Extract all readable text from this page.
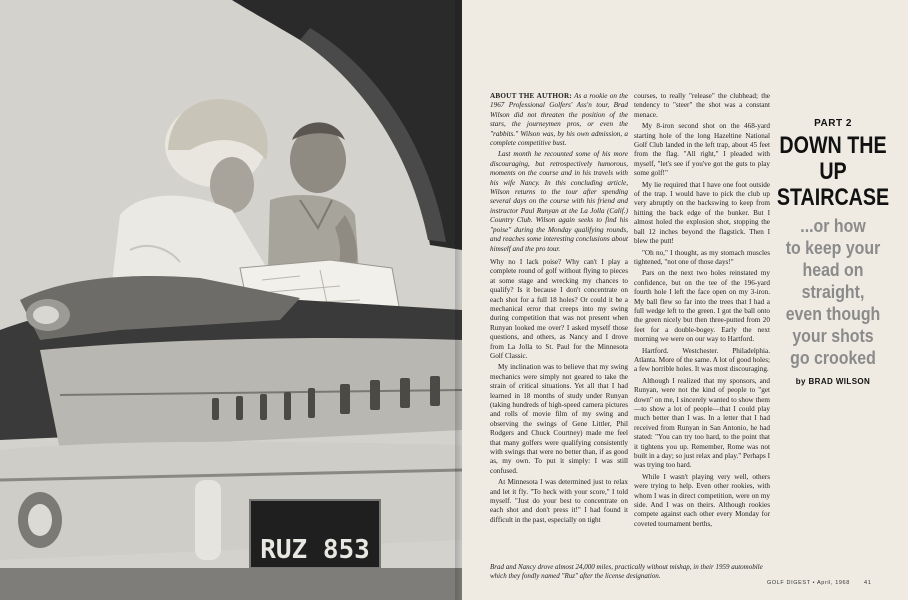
RUZ 853

ABOUT THE AUTHOR: As a rookie on the 1967 Professional Golfers' Ass'n tour, Brad Wilson did not threaten the position of the stars, the journeymen pros, or even the "rabbits." Wilson was, by his own admission, a complete competitive bust.

Last month he recounted some of his more discouraging, but retrospectively humorous, moments on the course and in his travels with his wife Nancy. In this concluding article, Wilson returns to the tour after spending several days on the course with his friend and instructor Paul Runyan at the La Jolla (Calif.) Country Club. Wilson again seeks to find his "poise" during the Monday qualifying rounds, and reaches some interesting conclusions about himself and the pro tour.

Why no I lack poise? Why can't I play a complete round of golf without flying to pieces at some stage and wrecking my chances to qualify? Is it because I don't concentrate on each shot for a full 18 holes? Or could it be a mechanical error that creeps into my swing during competition that was not present when Runyan looked me over? I asked myself those questions, and others, as Nancy and I drove from La Jolla to St. Paul for the Minnesota Golf Classic.

My inclination was to believe that my swing mechanics were simply not geared to take the strain of critical situations. Yet all that I had learned in 18 months of study under Runyan (taking hundreds of high-speed camera pictures and rolls of movie film of my swing and observing the swings of Gene Littler, Phil Rodgers and Chuck Courtney) made me feel that many golfers were qualifying consistently with swings that were no better than, if as good as, my own. To put it simply: I was still confused.

At Minnesota I was determined just to relax and let it fly. "To heck with your score," I told myself. "Just do your best to concentrate on each shot and don't press it!" I had found it difficult in the past, especially on tight

courses, to really "release" the clubhead; the tendency to "steer" the shot was a constant menace.

My 8-iron second shot on the 468-yard starting hole of the long Hazeltine National Golf Club landed in the left trap, about 45 feet from the flag. "All right," I pleaded with myself, "let's see if you've got the guts to play some golf!"

My lie required that I have one foot outside of the trap. I would have to pick the club up very abruptly on the backswing to keep from hitting the back edge of the bunker. But I almost holed the explosion shot, stopping the ball 12 inches beyond the flagstick. Then I blew the putt!

"Oh no," I thought, as my stomach muscles tightened, "not one of those days!"

Pars on the next two holes reinstated my confidence, but on the tee of the 196-yard fourth hole I left the face open on my 3-iron. My ball flew so far into the trees that I had a full wedge left to the green. I got the ball onto the green nicely but then three-putted from 20 feet for a double-bogey. Early the next morning we were on our way to Hartford.

Hartford. Westchester. Philadelphia. Atlanta. More of the same. A lot of good holes; a few horrible holes. It was most discouraging.

Although I realized that my sponsors, and Runyan, were not the kind of people to "get down" on me, I sincerely wanted to show them—to show a lot of people—that I could play much better than I was. In a letter that I had received from Runyan in San Antonio, he had stated: "You can try too hard, to the point that it tightens you up. Remember, Rome was not built in a day; so just relax and play." Perhaps I was trying too hard.

While I wasn't playing very well, others were trying to help. Even other rookies, with whom I was in direct competition, were on my side. And I was on theirs. Although rookies compete against each other every Monday for coveted tournament berths,

Brad and Nancy drove almost 24,000 miles, practically without mishap, in their 1959 automobile which they fondly named "Ruz" after the license designation.
PART 2
DOWN THE
UP
STAIRCASE
...or how
to keep your
head on
straight,
even though
your shots
go crooked
by BRAD WILSON
GOLF DIGEST • April, 1968	41
